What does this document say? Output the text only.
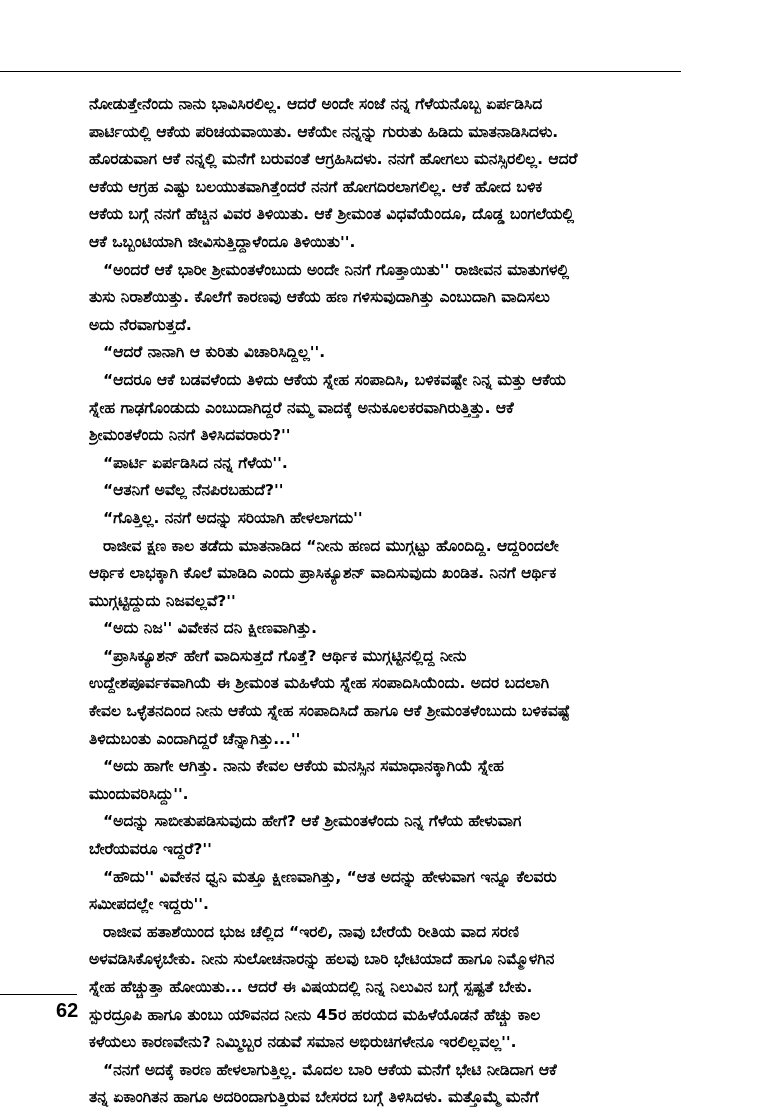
ನೋಡುತ್ತೇನೆಂದು ನಾನು ಭಾವಿಸಿರಲಿಲ್ಲ. ಆದರೆ ಅಂದೇ ಸಂಜೆ ನನ್ನ ಗೆಳೆಯನೊಬ್ಬ ಏರ್ಪಡಿಸಿದ
ಪಾರ್ಟಿಯಲ್ಲಿ ಆಕೆಯ ಪರಿಚಯವಾಯಿತು. ಆಕೆಯೇ ನನ್ನನ್ನು ಗುರುತು ಹಿಡಿದು ಮಾತನಾಡಿಸಿದಳು.
ಹೊರಡುವಾಗ ಆಕೆ ನನ್ನಲ್ಲಿ ಮನೆಗೆ ಬರುವಂತೆ ಆಗ್ರಹಿಸಿದಳು. ನನಗೆ ಹೋಗಲು ಮನಸ್ಸಿರಲಿಲ್ಲ. ಆದರೆ
ಆಕೆಯ ಆಗ್ರಹ ಎಷ್ಟು ಬಲಯುತವಾಗಿತ್ತೆಂದರೆ ನನಗೆ ಹೋಗದಿರಲಾಗಲಿಲ್ಲ. ಆಕೆ ಹೋದ ಬಳಿಕ
ಆಕೆಯ ಬಗ್ಗೆ ನನಗೆ ಹೆಚ್ಚಿನ ವಿವರ ತಿಳಿಯಿತು. ಆಕೆ ಶ್ರೀಮಂತ ವಿಧವೆಯೆಂದೂ, ದೊಡ್ಡ ಬಂಗಲೆಯಲ್ಲಿ
ಆಕೆ ಒಬ್ಬಂಟಿಯಾಗಿ ಜೀವಿಸುತ್ತಿದ್ದಾಳೆಂದೂ ತಿಳಿಯಿತು''.
“ಅಂದರೆ ಆಕೆ ಭಾರೀ ಶ್ರೀಮಂತಳೆಂಬುದು ಅಂದೇ ನಿನಗೆ ಗೊತ್ತಾಯಿತು'' ರಾಜೀವನ ಮಾತುಗಳಲ್ಲಿ
ತುಸು ನಿರಾಶೆಯಿತ್ತು. ಕೊಲೆಗೆ ಕಾರಣವು ಆಕೆಯ ಹಣ ಗಳಿಸುವುದಾಗಿತ್ತು ಎಂಬುದಾಗಿ ವಾದಿಸಲು
ಅದು ನೆರವಾಗುತ್ತದೆ.
“ಆದರೆ ನಾನಾಗಿ ಆ ಕುರಿತು ವಿಚಾರಿಸಿದ್ದಿಲ್ಲ''.
“ಆದರೂ ಆಕೆ ಬಡವಳೆಂದು ತಿಳಿದು ಆಕೆಯ ಸ್ನೇಹ ಸಂಪಾದಿಸಿ, ಬಳಿಕವಷ್ಟೇ ನಿನ್ನ ಮತ್ತು ಆಕೆಯ
ಸ್ನೇಹ ಗಾಢಗೊಂಡುದು ಎಂಬುದಾಗಿದ್ದರೆ ನಮ್ಮ ವಾದಕ್ಕೆ ಅನುಕೂಲಕರವಾಗಿರುತ್ತಿತ್ತು. ಆಕೆ
ಶ್ರೀಮಂತಳೆಂದು ನಿನಗೆ ತಿಳಿಸಿದವರಾರು?''
“ಪಾರ್ಟಿ ಏರ್ಪಡಿಸಿದ ನನ್ನ ಗೆಳೆಯ''.
“ಆತನಿಗೆ ಅವೆಲ್ಲ ನೆನಪಿರಬಹುದೆ?''
“ಗೊತ್ತಿಲ್ಲ. ನನಗೆ ಅದನ್ನು ಸರಿಯಾಗಿ ಹೇಳಲಾಗದು''
ರಾಜೀವ ಕ್ಷಣ ಕಾಲ ತಡೆದು ಮಾತನಾಡಿದ “ನೀನು ಹಣದ ಮುಗ್ಗಟ್ಟು ಹೊಂದಿದ್ದಿ. ಆದ್ದರಿಂದಲೇ
ಆರ್ಥಿಕ ಲಾಭಕ್ಕಾಗಿ ಕೊಲೆ ಮಾಡಿದಿ ಎಂದು ಪ್ರಾಸಿಕ್ಯೂಶನ್ ವಾದಿಸುವುದು ಖಂಡಿತ. ನಿನಗೆ ಆರ್ಥಿಕ
ಮುಗ್ಗಟ್ಟಿದ್ದುದು ನಿಜವಲ್ಲವೆ?''
“ಅದು ನಿಜ'' ವಿವೇಕನ ದನಿ ಕ್ಷೀಣವಾಗಿತ್ತು.
“ಪ್ರಾಸಿಕ್ಯೂಶನ್ ಹೇಗೆ ವಾದಿಸುತ್ತದೆ ಗೊತ್ತೆ? ಆರ್ಥಿಕ ಮುಗ್ಗಟ್ಟಿನಲ್ಲಿದ್ದ ನೀನು
ಉದ್ದೇಶಪೂರ್ವಕವಾಗಿಯೆ ಈ ಶ್ರೀಮಂತ ಮಹಿಳೆಯ ಸ್ನೇಹ ಸಂಪಾದಿಸಿಯೆಂದು. ಅದರ ಬದಲಾಗಿ
ಕೇವಲ ಒಳ್ಳೆತನದಿಂದ ನೀನು ಆಕೆಯ ಸ್ನೇಹ ಸಂಪಾದಿಸಿದೆ ಹಾಗೂ ಆಕೆ ಶ್ರೀಮಂತಳೆಂಬುದು ಬಳಿಕವಷ್ಟೆ
ತಿಳಿದುಬಂತು ಎಂದಾಗಿದ್ದರೆ ಚೆನ್ನಾಗಿತ್ತು...''
“ಅದು ಹಾಗೇ ಆಗಿತ್ತು. ನಾನು ಕೇವಲ ಆಕೆಯ ಮನಸ್ಸಿನ ಸಮಾಧಾನಕ್ಕಾಗಿಯೆ ಸ್ನೇಹ
ಮುಂದುವರಿಸಿದ್ದು''.
“ಅದನ್ನು ಸಾಬೀತುಪಡಿಸುವುದು ಹೇಗೆ? ಆಕೆ ಶ್ರೀಮಂತಳೆಂದು ನಿನ್ನ ಗೆಳೆಯ ಹೇಳುವಾಗ
ಬೇರೆಯವರೂ ಇದ್ದರೆ?''
“ಹೌದು'' ವಿವೇಕನ ಧ್ವನಿ ಮತ್ತೂ ಕ್ಷೀಣವಾಗಿತ್ತು, “ಆತ ಅದನ್ನು ಹೇಳುವಾಗ ಇನ್ನೂ ಕೆಲವರು
ಸಮೀಪದಲ್ಲೇ ಇದ್ದರು''.
ರಾಜೀವ ಹತಾಶೆಯಿಂದ ಭುಜ ಚೆಲ್ಲಿದ “ಇರಲಿ, ನಾವು ಬೇರೆಯೆ ರೀತಿಯ ವಾದ ಸರಣಿ
ಅಳವಡಿಸಿಕೊಳ್ಳಬೇಕು. ನೀನು ಸುಲೋಚನಾರನ್ನು ಹಲವು ಬಾರಿ ಭೇಟಿಯಾದೆ ಹಾಗೂ ನಿಮ್ಮೊಳಗಿನ
ಸ್ನೇಹ ಹೆಚ್ಚುತ್ತಾ ಹೋಯಿತು... ಆದರೆ ಈ ವಿಷಯದಲ್ಲಿ ನಿನ್ನ ನಿಲುವಿನ ಬಗ್ಗೆ ಸ್ಪಷ್ಟತೆ ಬೇಕು.
ಸ್ಪುರದ್ರೂಪಿ ಹಾಗೂ ತುಂಬು ಯೌವನದ ನೀನು 45ರ ಹರಯದ ಮಹಿಳೆಯೊಡನೆ ಹೆಚ್ಚು ಕಾಲ
ಕಳೆಯಲು ಕಾರಣವೇನು? ನಿಮ್ಮಿಬ್ಬರ ನಡುವೆ ಸಮಾನ ಅಭಿರುಚಿಗಳೇನೂ ಇರಲಿಲ್ಲವಲ್ಲ''.
“ನನಗೆ ಅದಕ್ಕೆ ಕಾರಣ ಹೇಳಲಾಗುತ್ತಿಲ್ಲ. ಮೊದಲ ಬಾರಿ ಆಕೆಯ ಮನೆಗೆ ಭೇಟಿ ನೀಡಿದಾಗ ಆಕೆ
ತನ್ನ ಏಕಾಂಗಿತನ ಹಾಗೂ ಅದರಿಂದಾಗುತ್ತಿರುವ ಬೇಸರದ ಬಗ್ಗೆ ತಿಳಿಸಿದಳು. ಮತ್ತೊಮ್ಮೆ ಮನೆಗೆ
62
